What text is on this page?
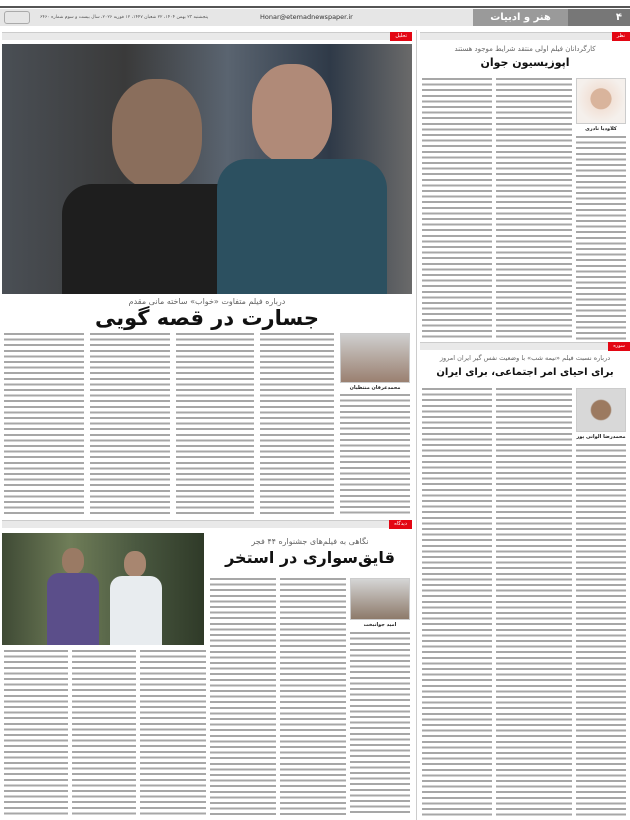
۴
هنر و ادبیات
Honar@etemadnewspaper.ir
پنجشنبه ۲۳ بهمن ۱۴۰۴، ۲۲ شعبان ۱۴۴۷، ۱۲ فوریه ۲۰۲۶، سال بیست و سوم شماره ۶۴۶۰
تحلیل
درباره فیلم متفاوت «خواب» ساخته مانی مقدم
جسارت در قصه گویی
محمدعرفان منتظیان
دیدگاه
نگاهی به فیلم‌های جشنواره ۴۴ فجر
قایق‌سواری در استخر
امید جوانبخت
نظر
کارگردانان فیلم اولی منتقد شرایط موجود هستند
اپوزیسیون جوان
کلاودیا نادری
سوره
درباره نسبت فیلم «نیمه شب» با وضعیت نفس گیر ایران امروز
برای احیای امر اجتماعی، برای ایران
محمدرضا الوانی پور
